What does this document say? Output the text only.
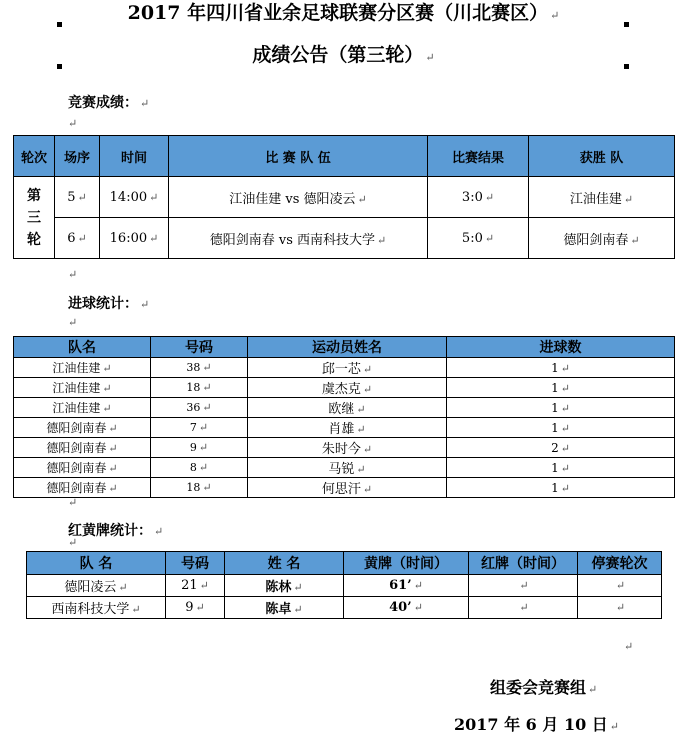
2017 年四川省业余足球联赛分区赛（川北赛区） ↵
成绩公告（第三轮） ↵
竞赛成绩： ↵
↵
轮次	场序	时间	比 赛 队 伍	比赛结果	获胜 队

第三轮	5 ↵	14:00 ↵	江油佳建 vs 德阳凌云 ↵	3:0 ↵	江油佳建 ↵
	6 ↵	16:00 ↵	德阳剑南春 vs 西南科技大学 ↵	5:0 ↵	德阳剑南春 ↵
↵
进球统计： ↵
↵
队名	号码	运动员姓名	进球数
江油佳建 ↵	38 ↵	邱一芯 ↵	1 ↵
江油佳建 ↵	18 ↵	虞杰克 ↵	1 ↵
江油佳建 ↵	36 ↵	欧继 ↵	1 ↵
德阳剑南春 ↵	7 ↵	肖雄 ↵	1 ↵
德阳剑南春 ↵	9 ↵	朱时今 ↵	2 ↵
德阳剑南春 ↵	8 ↵	马锐 ↵	1 ↵
德阳剑南春 ↵	18 ↵	何思汗 ↵	1 ↵
↵
红黄牌统计： ↵
↵
队 名	号码	姓 名	黄牌（时间）	红牌（时间）	停赛轮次
德阳凌云 ↵	21 ↵	陈林 ↵	61’ ↵	↵	↵
西南科技大学 ↵	9 ↵	陈卓 ↵	40’ ↵	↵	↵
↵
组委会竞赛组 ↵
2017 年 6 月 10 日 ↵
